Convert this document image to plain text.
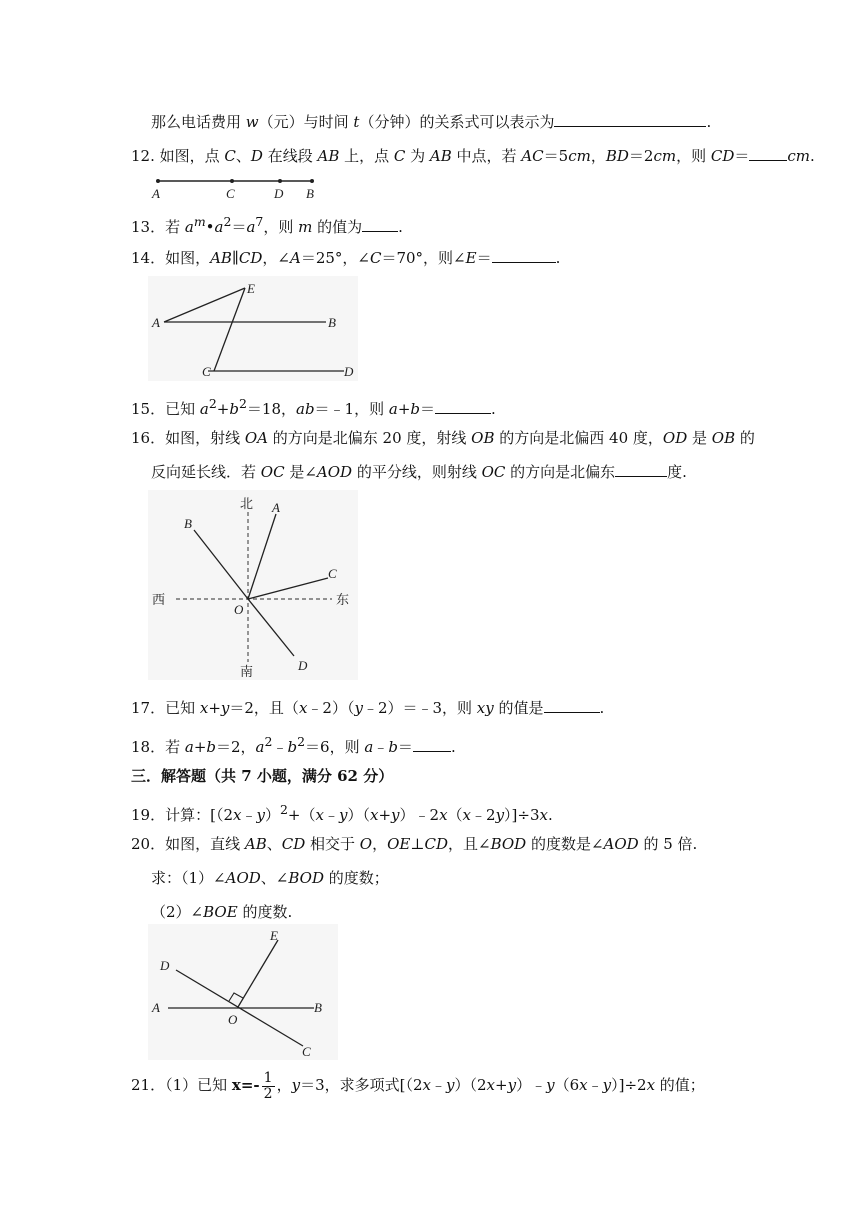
那么电话费用 w（元）与时间 t（分钟）的关系式可以表示为	.
12. 如图，点 C、D 在线段 AB 上，点 C 为 AB 中点，若 AC＝5cm，BD＝2cm，则 CD＝	cm.
A	C	D B
13．若 $a^m•a^2=a^7$，则 m 的值为 .
14．如图，AB∥CD，∠A＝25°，∠C＝70°，则∠E＝	.
E
A	B
C	D
15．已知 $a^2+b^2=18$，ab＝﹣1，则 a+b＝	.
16．如图，射线 OA 的方向是北偏东 20 度，射线 OB 的方向是北偏西 40 度，OD 是 OB 的
反向延长线．若 OC 是∠AOD 的平分线，则射线 OC 的方向是北偏东	度.
北
南
西	东
B
A
C
O
D
17．已知 x+y＝2，且（x﹣2）（y﹣2）＝﹣3，则 xy 的值是	.
18．若 a+b＝2，$a^2﹣b^2=6$，则 a﹣b＝	.
三．解答题（共 7 小题，满分 62 分）
19．计算：[（2x﹣y）$^2$+（x﹣y）（x+y）﹣2x（x﹣2y）]÷3x.
20．如图，直线 AB、CD 相交于 O，OE⊥CD，且∠BOD 的度数是∠AOD 的 5 倍.
求：（1）∠AOD、∠BOD 的度数；
（2）∠BOE 的度数.
E
D
A
O
B
C
21．（1）已知 $x=- \frac{1}{2}$ ，y＝3，求多项式[（2x﹣y）（2x+y）﹣y（6x﹣y）]÷2x 的值；
